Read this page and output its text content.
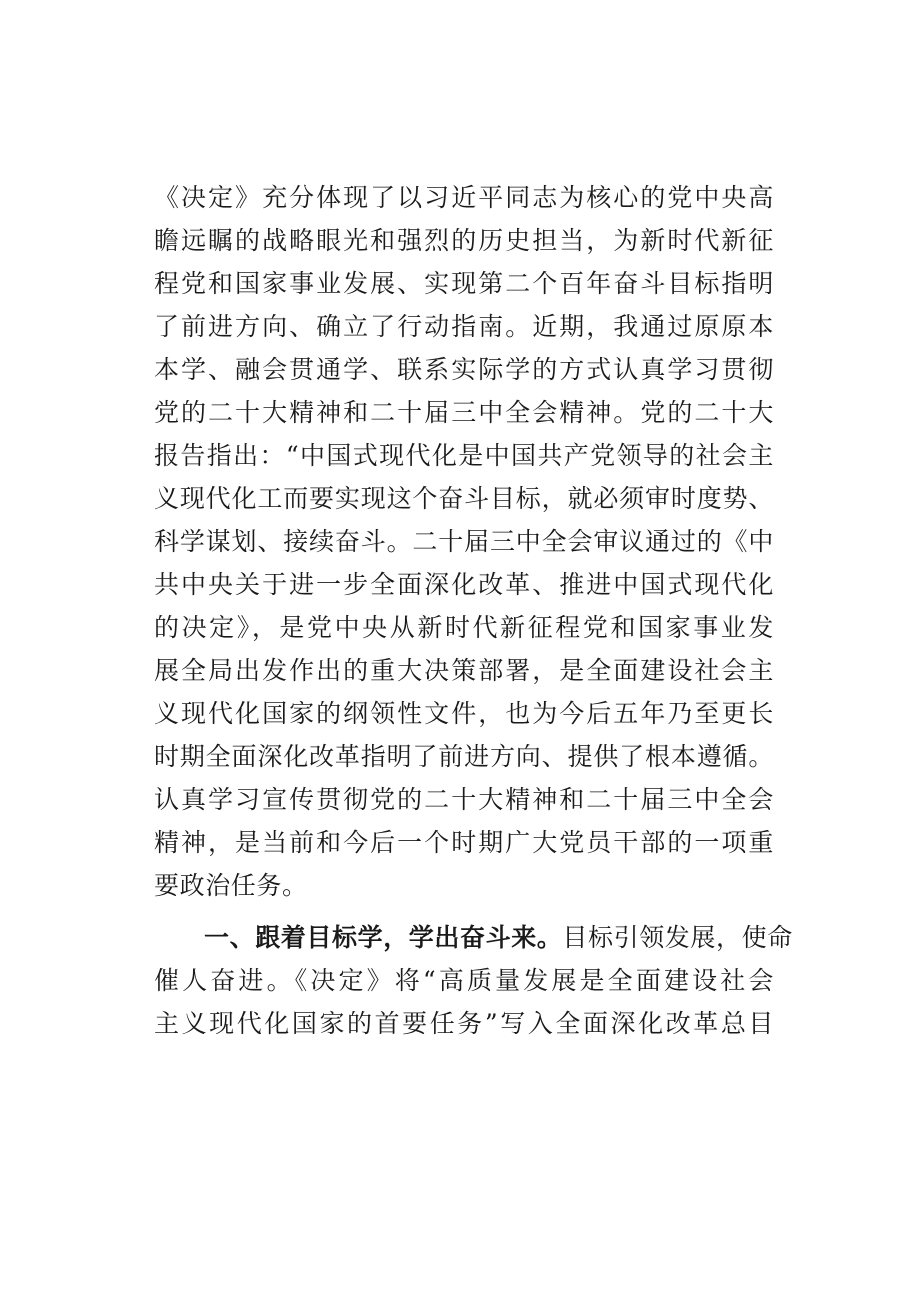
《决定》充分体现了以习近平同志为核心的党中央高
瞻远瞩的战略眼光和强烈的历史担当，为新时代新征
程党和国家事业发展、实现第二个百年奋斗目标指明
了前进方向、确立了行动指南。近期，我通过原原本
本学、融会贯通学、联系实际学的方式认真学习贯彻
党的二十大精神和二十届三中全会精神。党的二十大
报告指出：“中国式现代化是中国共产党领导的社会主
义现代化工而要实现这个奋斗目标，就必须审时度势、
科学谋划、接续奋斗。二十届三中全会审议通过的《中
共中央关于进一步全面深化改革、推进中国式现代化
的决定》，是党中央从新时代新征程党和国家事业发
展全局出发作出的重大决策部署，是全面建设社会主
义现代化国家的纲领性文件，也为今后五年乃至更长
时期全面深化改革指明了前进方向、提供了根本遵循。
认真学习宣传贯彻党的二十大精神和二十届三中全会
精神，是当前和今后一个时期广大党员干部的一项重
要政治任务。
一、跟着目标学，学出奋斗来。目标引领发展，使命
催人奋进。《决定》将“高质量发展是全面建设社会
主义现代化国家的首要任务”写入全面深化改革总目
